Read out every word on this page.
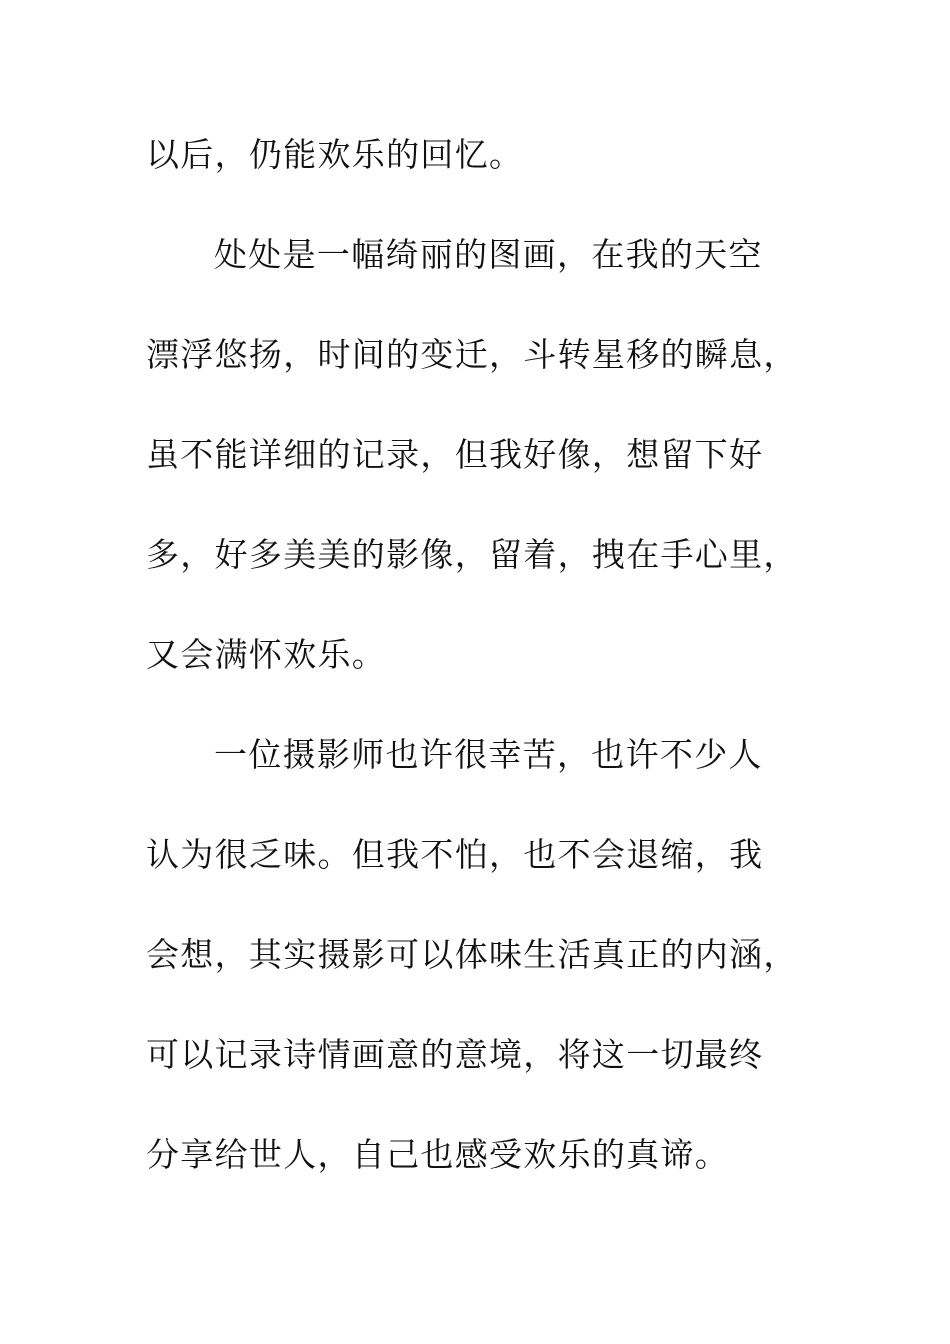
以后，仍能欢乐的回忆。
处处是一幅绮丽的图画，在我的天空
漂浮悠扬，时间的变迁，斗转星移的瞬息，
虽不能详细的记录，但我好像，想留下好
多，好多美美的影像，留着，拽在手心里，
又会满怀欢乐。
一位摄影师也许很幸苦，也许不少人
认为很乏味。但我不怕，也不会退缩，我
会想，其实摄影可以体味生活真正的内涵，
可以记录诗情画意的意境，将这一切最终
分享给世人，自己也感受欢乐的真谛。
